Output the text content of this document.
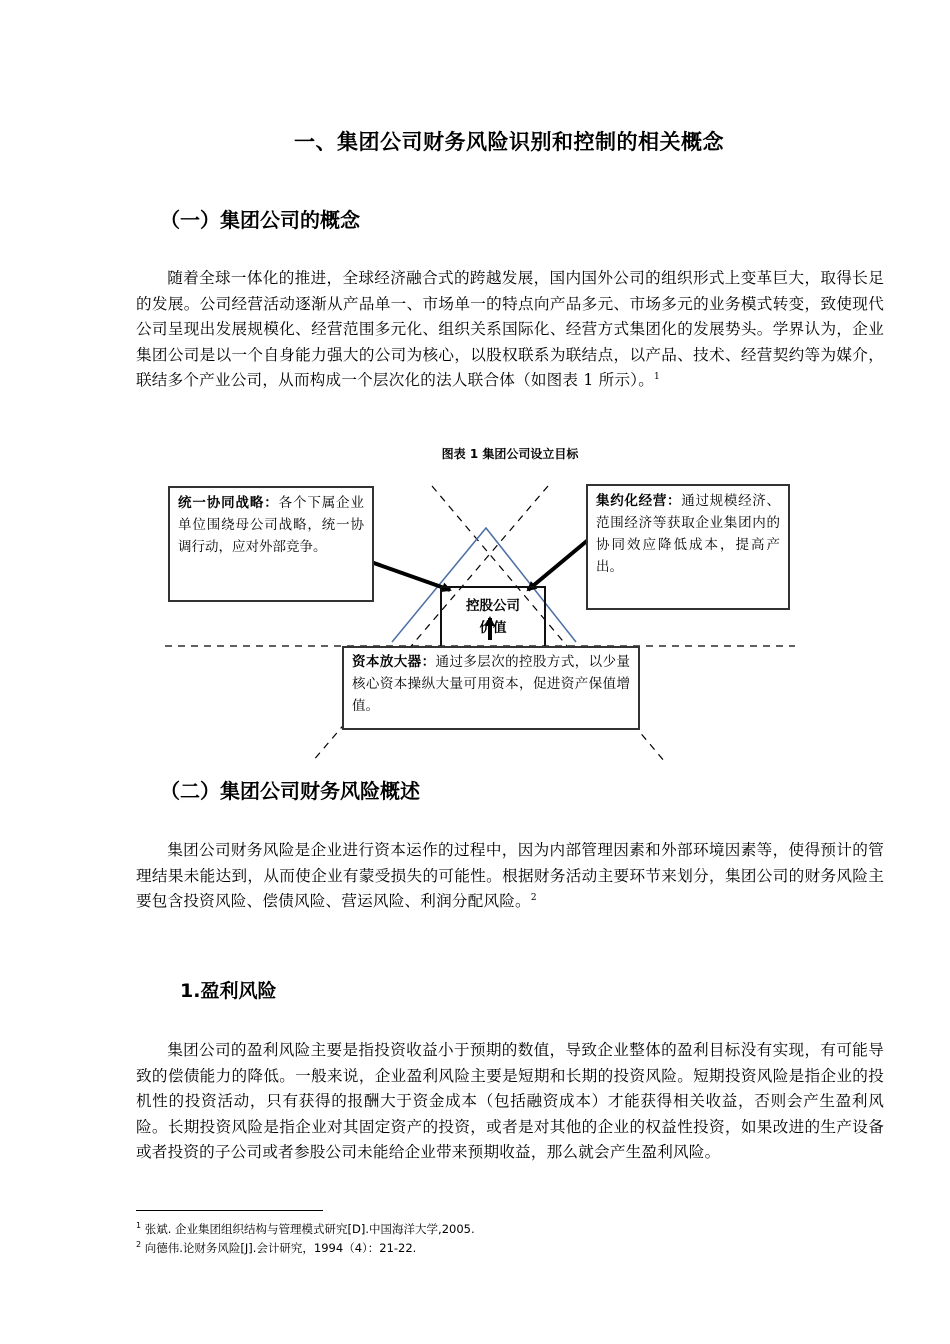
一、集团公司财务风险识别和控制的相关概念
（一）集团公司的概念
随着全球一体化的推进，全球经济融合式的跨越发展，国内国外公司的组织形式上变革巨大，取得长足的发展。公司经营活动逐渐从产品单一、市场单一的特点向产品多元、市场多元的业务模式转变，致使现代公司呈现出发展规模化、经营范围多元化、组织关系国际化、经营方式集团化的发展势头。学界认为，企业集团公司是以一个自身能力强大的公司为核心，以股权联系为联结点，以产品、技术、经营契约等为媒介，联结多个产业公司，从而构成一个层次化的法人联合体（如图表 1 所示）。$^1$
图表 1 集团公司设立目标
统一协同战略：各个下属企业单位围绕母公司战略，统一协调行动，应对外部竞争。
集约化经营：通过规模经济、范围经济等获取企业集团内的协同效应降低成本，提高产出。
控股公司
价值
资本放大器：通过多层次的控股方式，以少量核心资本操纵大量可用资本，促进资产保值增值。
（二）集团公司财务风险概述
集团公司财务风险是企业进行资本运作的过程中，因为内部管理因素和外部环境因素等，使得预计的管理结果未能达到，从而使企业有蒙受损失的可能性。根据财务活动主要环节来划分，集团公司的财务风险主要包含投资风险、偿债风险、营运风险、利润分配风险。$^2$
1.盈利风险
集团公司的盈利风险主要是指投资收益小于预期的数值，导致企业整体的盈利目标没有实现，有可能导致的偿债能力的降低。一般来说，企业盈利风险主要是短期和长期的投资风险。短期投资风险是指企业的投机性的投资活动，只有获得的报酬大于资金成本（包括融资成本）才能获得相关收益，否则会产生盈利风险。长期投资风险是指企业对其固定资产的投资，或者是对其他的企业的权益性投资，如果改进的生产设备或者投资的子公司或者参股公司未能给企业带来预期收益，那么就会产生盈利风险。
$^1$ 张斌. 企业集团组织结构与管理模式研究[D].中国海洋大学,2005.
$^2$ 向德伟.论财务风险[J].会计研究，1994（4）：21-22.
